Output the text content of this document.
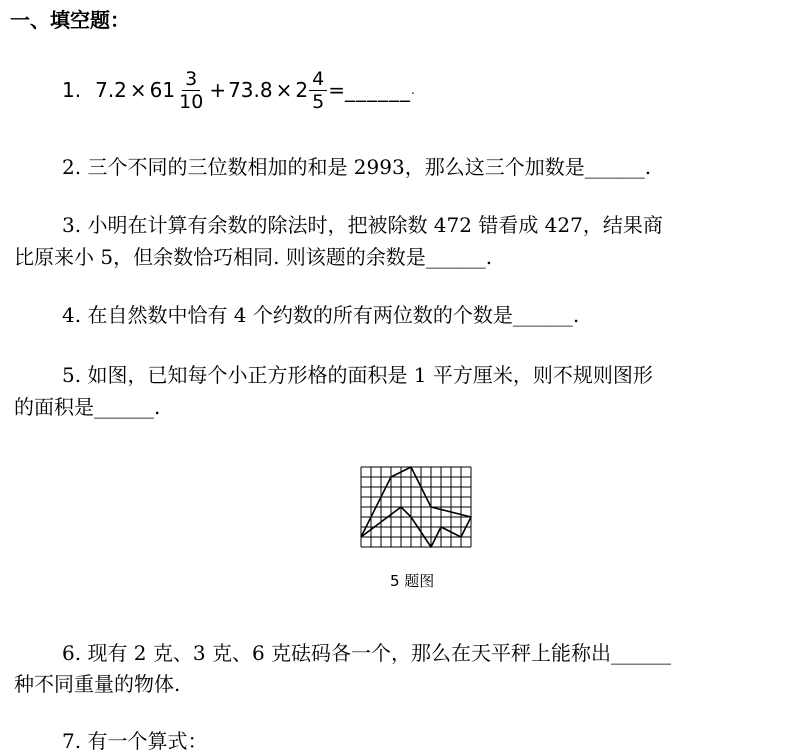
一、填空题：
1. $7.2 \times 61 \frac{3}{10} + 73.8 \times 2 \frac{4}{5}$ = ______ .
2. 三个不同的三位数相加的和是 2993，那么这三个加数是______.
3. 小明在计算有余数的除法时，把被除数 472 错看成 427，结果商
比原来小 5，但余数恰巧相同. 则该题的余数是______.
4. 在自然数中恰有 4 个约数的所有两位数的个数是______.
5. 如图，已知每个小正方形格的面积是 1 平方厘米，则不规则图形
的面积是______.
5 题图
6. 现有 2 克、3 克、6 克砝码各一个，那么在天平秤上能称出______
种不同重量的物体.
7. 有一个算式：
